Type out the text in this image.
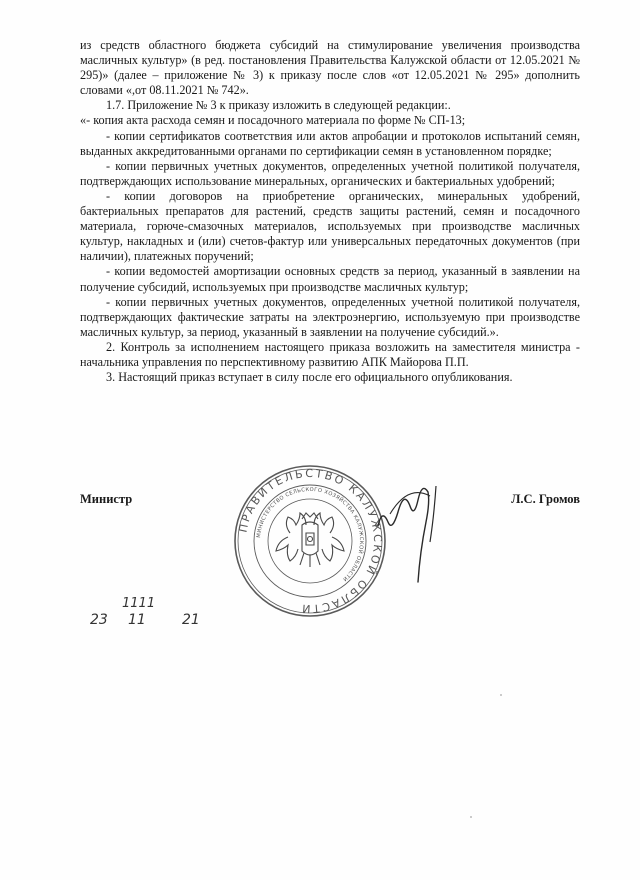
из средств областного бюджета субсидий на стимулирование увеличения производства масличных культур» (в ред. постановления Правительства Калужской области от 12.05.2021 № 295)» (далее – приложение № 3) к приказу после слов «от 12.05.2021 № 295» дополнить словами «,от 08.11.2021 № 742».

1.7. Приложение № 3 к приказу изложить в следующей редакции:.

«- копия акта расхода семян и посадочного материала по форме № СП-13;

- копии сертификатов соответствия или актов апробации и протоколов испытаний семян, выданных аккредитованными органами по сертификации семян в установленном порядке;

- копии первичных учетных документов, определенных учетной политикой получателя, подтверждающих использование минеральных, органических и бактериальных удобрений;

- копии договоров на приобретение органических, минеральных удобрений, бактериальных препаратов для растений, средств защиты растений, семян и посадочного материала, горюче-смазочных материалов, используемых при производстве масличных культур, накладных и (или) счетов-фактур или универсальных передаточных документов (при наличии), платежных поручений;

- копии ведомостей амортизации основных средств за период, указанный в заявлении на получение субсидий, используемых при производстве масличных культур;

- копии первичных учетных документов, определенных учетной политикой получателя, подтверждающих фактические затраты на электроэнергию, используемую при производстве масличных культур, за период, указанный в заявлении на получение субсидий.».

2. Контроль за исполнением настоящего приказа возложить на заместителя министра - начальника управления по перспективному развитию АПК Майорова П.П.

3. Настоящий приказ вступает в силу после его официального опубликования.

ПРАВИТЕЛЬСТВО КАЛУЖСКОЙ ОБЛАСТИ
МИНИСТЕРСТВО СЕЛЬСКОГО ХОЗЯЙСТВА КАЛУЖСКОЙ ОБЛАСТИ
Министр	Л.С. Громов
1111
23 11	21
